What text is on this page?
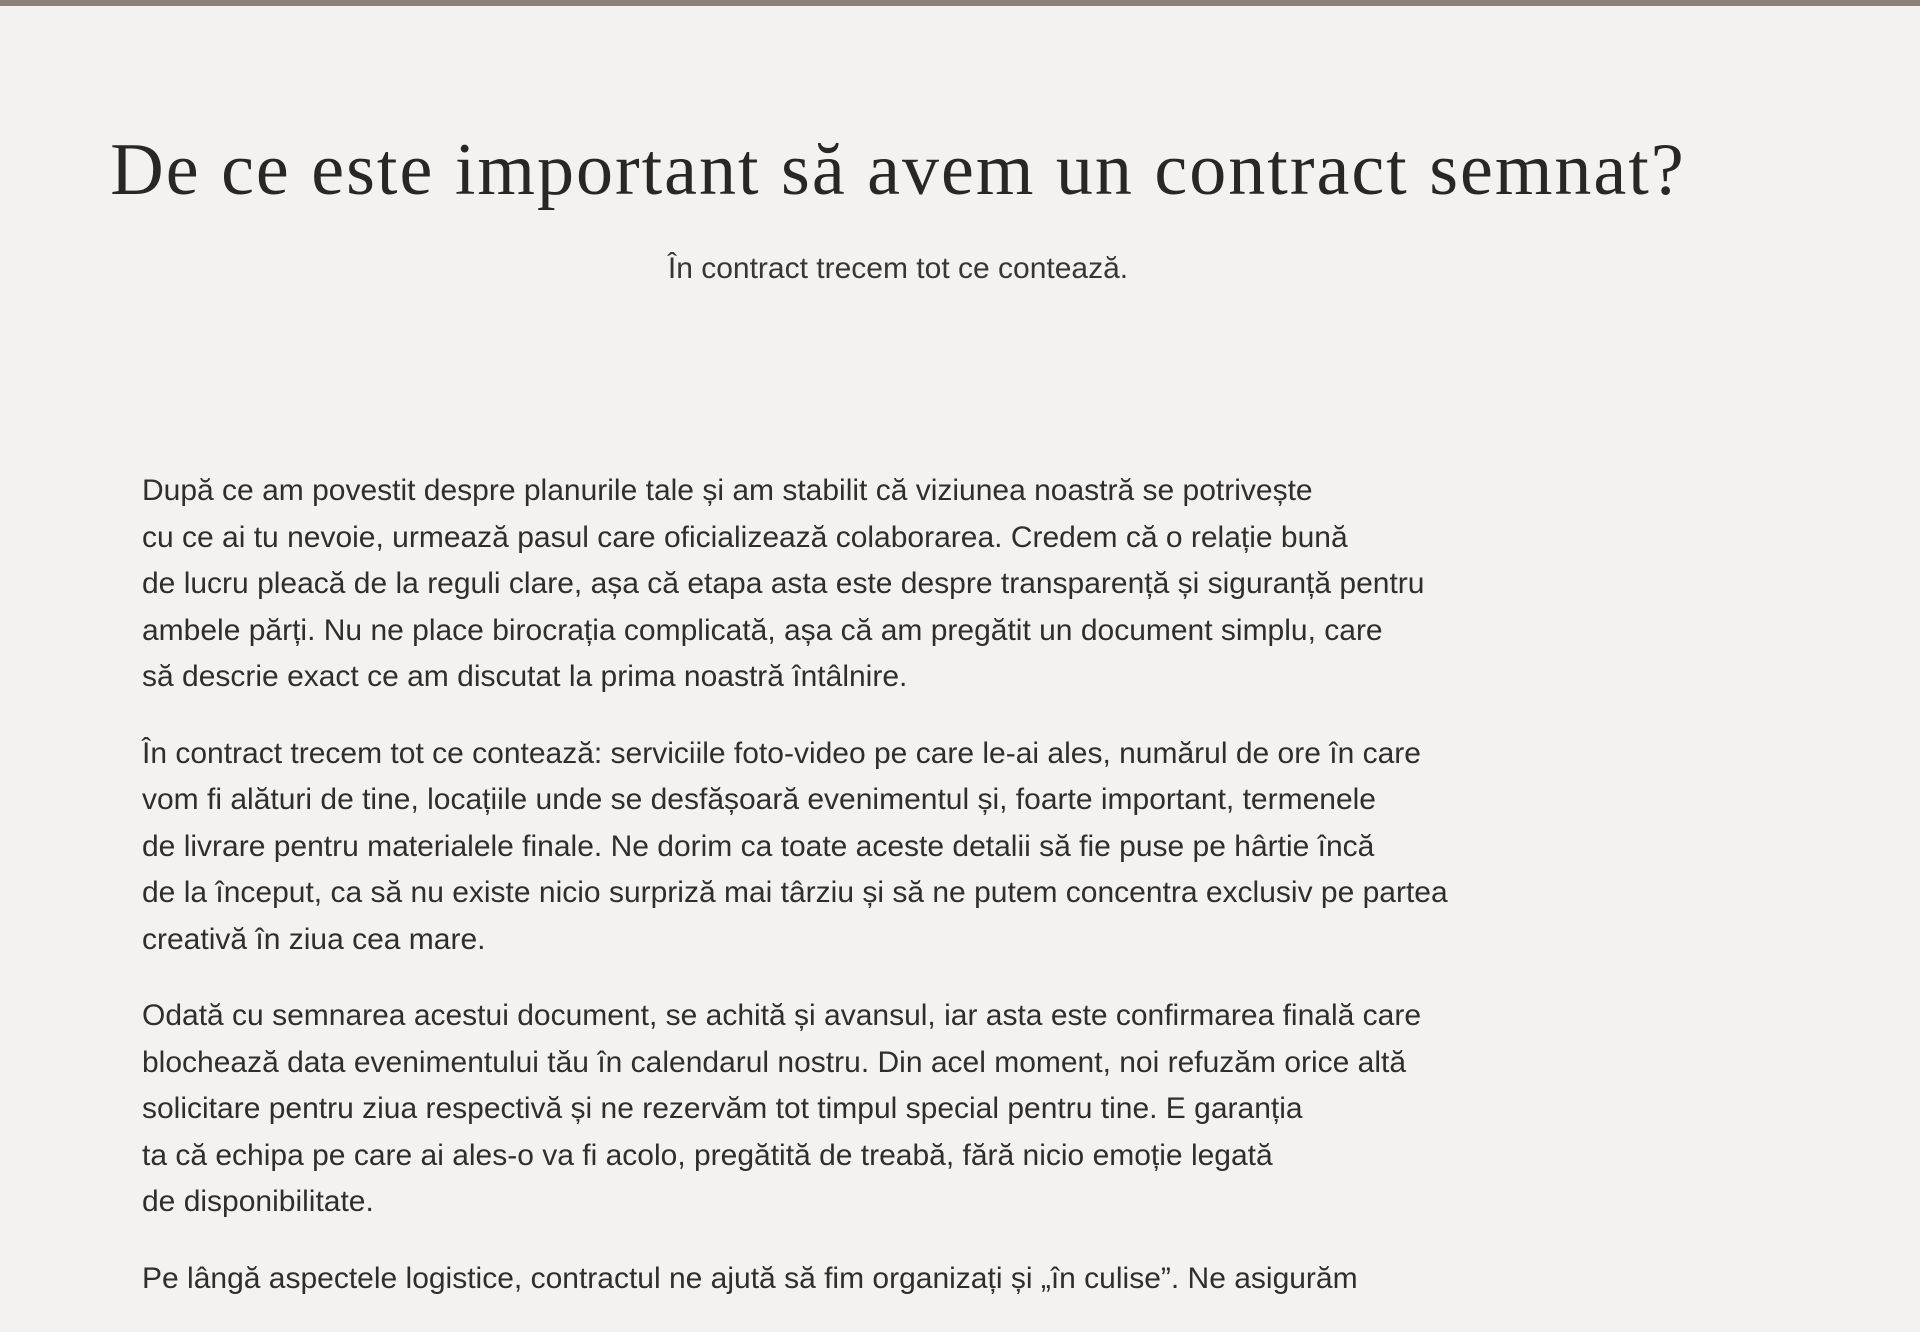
De ce este important să avem un contract semnat?

În contract trecem tot ce contează.

După ce am povestit despre planurile tale și am stabilit că viziunea noastră se potrivește
cu ce ai tu nevoie, urmează pasul care oficializează colaborarea. Credem că o relație bună
de lucru pleacă de la reguli clare, așa că etapa asta este despre transparență și siguranță pentru
ambele părți. Nu ne place birocrația complicată, așa că am pregătit un document simplu, care
să descrie exact ce am discutat la prima noastră întâlnire.

În contract trecem tot ce contează: serviciile foto-video pe care le-ai ales, numărul de ore în care
vom fi alături de tine, locațiile unde se desfășoară evenimentul și, foarte important, termenele
de livrare pentru materialele finale. Ne dorim ca toate aceste detalii să fie puse pe hârtie încă
de la început, ca să nu existe nicio surpriză mai târziu și să ne putem concentra exclusiv pe partea
creativă în ziua cea mare.

Odată cu semnarea acestui document, se achită și avansul, iar asta este confirmarea finală care
blochează data evenimentului tău în calendarul nostru. Din acel moment, noi refuzăm orice altă
solicitare pentru ziua respectivă și ne rezervăm tot timpul special pentru tine. E garanția
ta că echipa pe care ai ales-o va fi acolo, pregătită de treabă, fără nicio emoție legată
de disponibilitate.

Pe lângă aspectele logistice, contractul ne ajută să fim organizați și „în culise”. Ne asigurăm
